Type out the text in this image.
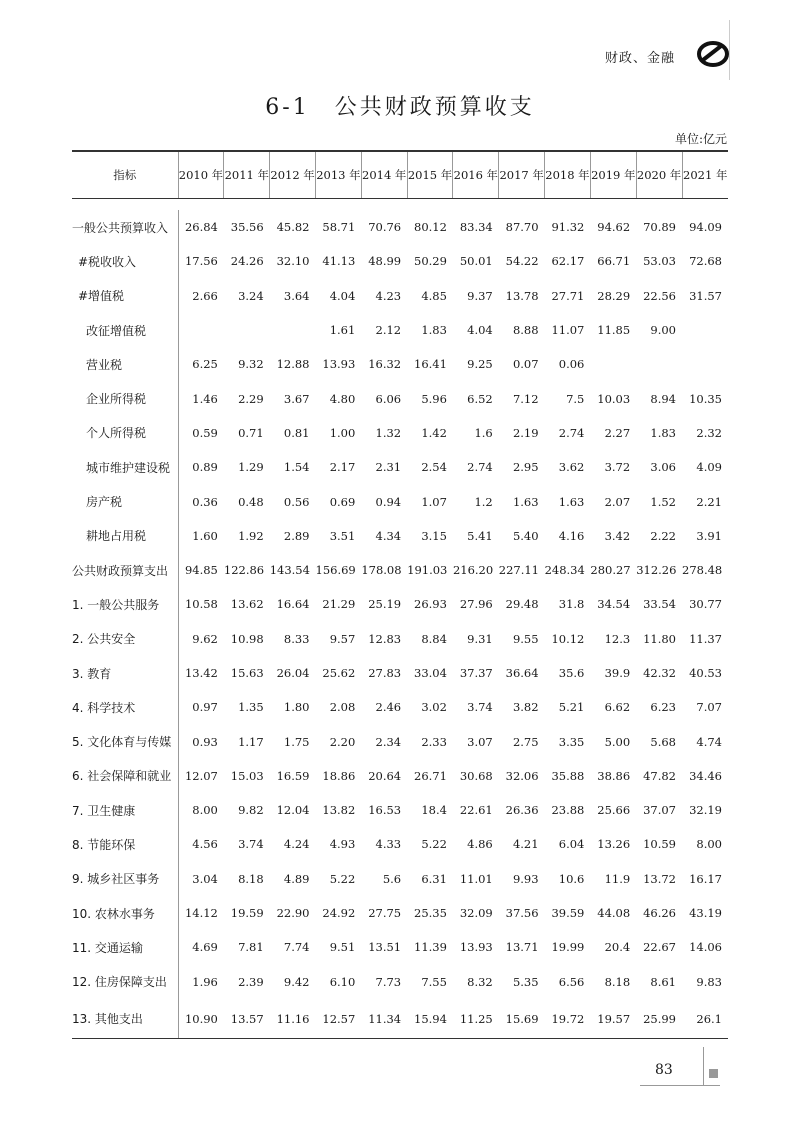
财政、金融
6-1　公共财政预算收支
单位:亿元
指标	2010 年	2011 年	2012 年	2013 年	2014 年	2015 年	2016 年	2017 年	2018 年	2019 年	2020 年	2021 年

一般公共预算收入	26.84	35.56	45.82	58.71	70.76	80.12	83.34	87.70	91.32	94.62	70.89	94.09
#税收收入	17.56	24.26	32.10	41.13	48.99	50.29	50.01	54.22	62.17	66.71	53.03	72.68
#增值税	2.66	3.24	3.64	4.04	4.23	4.85	9.37	13.78	27.71	28.29	22.56	31.57
改征增值税				1.61	2.12	1.83	4.04	8.88	11.07	11.85	9.00	
营业税	6.25	9.32	12.88	13.93	16.32	16.41	9.25	0.07	0.06			
企业所得税	1.46	2.29	3.67	4.80	6.06	5.96	6.52	7.12	7.5	10.03	8.94	10.35
个人所得税	0.59	0.71	0.81	1.00	1.32	1.42	1.6	2.19	2.74	2.27	1.83	2.32
城市维护建设税	0.89	1.29	1.54	2.17	2.31	2.54	2.74	2.95	3.62	3.72	3.06	4.09
房产税	0.36	0.48	0.56	0.69	0.94	1.07	1.2	1.63	1.63	2.07	1.52	2.21
耕地占用税	1.60	1.92	2.89	3.51	4.34	3.15	5.41	5.40	4.16	3.42	2.22	3.91
公共财政预算支出	94.85	122.86	143.54	156.69	178.08	191.03	216.20	227.11	248.34	280.27	312.26	278.48
1. 一般公共服务	10.58	13.62	16.64	21.29	25.19	26.93	27.96	29.48	31.8	34.54	33.54	30.77
2. 公共安全	9.62	10.98	8.33	9.57	12.83	8.84	9.31	9.55	10.12	12.3	11.80	11.37
3. 教育	13.42	15.63	26.04	25.62	27.83	33.04	37.37	36.64	35.6	39.9	42.32	40.53
4. 科学技术	0.97	1.35	1.80	2.08	2.46	3.02	3.74	3.82	5.21	6.62	6.23	7.07
5. 文化体育与传媒	0.93	1.17	1.75	2.20	2.34	2.33	3.07	2.75	3.35	5.00	5.68	4.74
6. 社会保障和就业	12.07	15.03	16.59	18.86	20.64	26.71	30.68	32.06	35.88	38.86	47.82	34.46
7. 卫生健康	8.00	9.82	12.04	13.82	16.53	18.4	22.61	26.36	23.88	25.66	37.07	32.19
8. 节能环保	4.56	3.74	4.24	4.93	4.33	5.22	4.86	4.21	6.04	13.26	10.59	8.00
9. 城乡社区事务	3.04	8.18	4.89	5.22	5.6	6.31	11.01	9.93	10.6	11.9	13.72	16.17
10. 农林水事务	14.12	19.59	22.90	24.92	27.75	25.35	32.09	37.56	39.59	44.08	46.26	43.19
11. 交通运输	4.69	7.81	7.74	9.51	13.51	11.39	13.93	13.71	19.99	20.4	22.67	14.06
12. 住房保障支出	1.96	2.39	9.42	6.10	7.73	7.55	8.32	5.35	6.56	8.18	8.61	9.83
13. 其他支出	10.90	13.57	11.16	12.57	11.34	15.94	11.25	15.69	19.72	19.57	25.99	26.1
83
